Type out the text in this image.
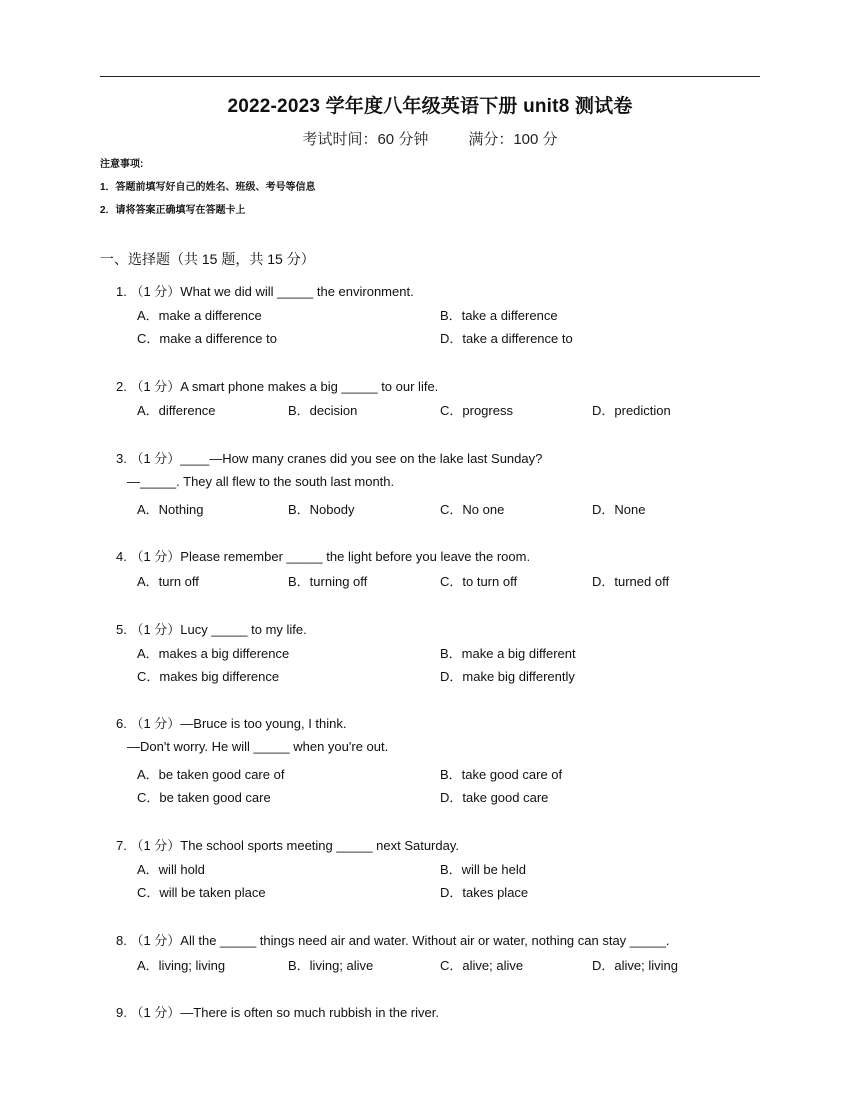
2022-2023 学年度八年级英语下册 unit8 测试卷
考试时间：60 分钟	满分：100 分
注意事项:
1．答题前填写好自己的姓名、班级、考号等信息
2．请将答案正确填写在答题卡上
一、选择题（共 15 题，共 15 分）
1. （1 分）What we did will _____ the environment.
A．make a difference	B．take a difference
C．make a difference to	D．take a difference to
2. （1 分）A smart phone makes a big _____ to our life.
A．difference	B．decision	C．progress	D．prediction
3. （1 分）____—How many cranes did you see on the lake last Sunday?
—_____. They all flew to the south last month.
A．Nothing	B．Nobody	C．No one	D．None
4. （1 分）Please remember _____ the light before you leave the room.
A．turn off	B．turning off	C．to turn off	D．turned off
5. （1 分）Lucy _____ to my life.
A．makes a big difference	B．make a big different
C．makes big difference	D．make big differently
6. （1 分）—Bruce is too young, I think.
—Don't worry. He will _____ when you're out.
A．be taken good care of	B．take good care of
C．be taken good care	D．take good care
7. （1 分）The school sports meeting _____ next Saturday.
A．will hold	B．will be held
C．will be taken place	D．takes place
8. （1 分）All the _____ things need air and water. Without air or water, nothing can stay _____.
A．living; living	B．living; alive	C．alive; alive	D．alive; living
9. （1 分）—There is often so much rubbish in the river.
